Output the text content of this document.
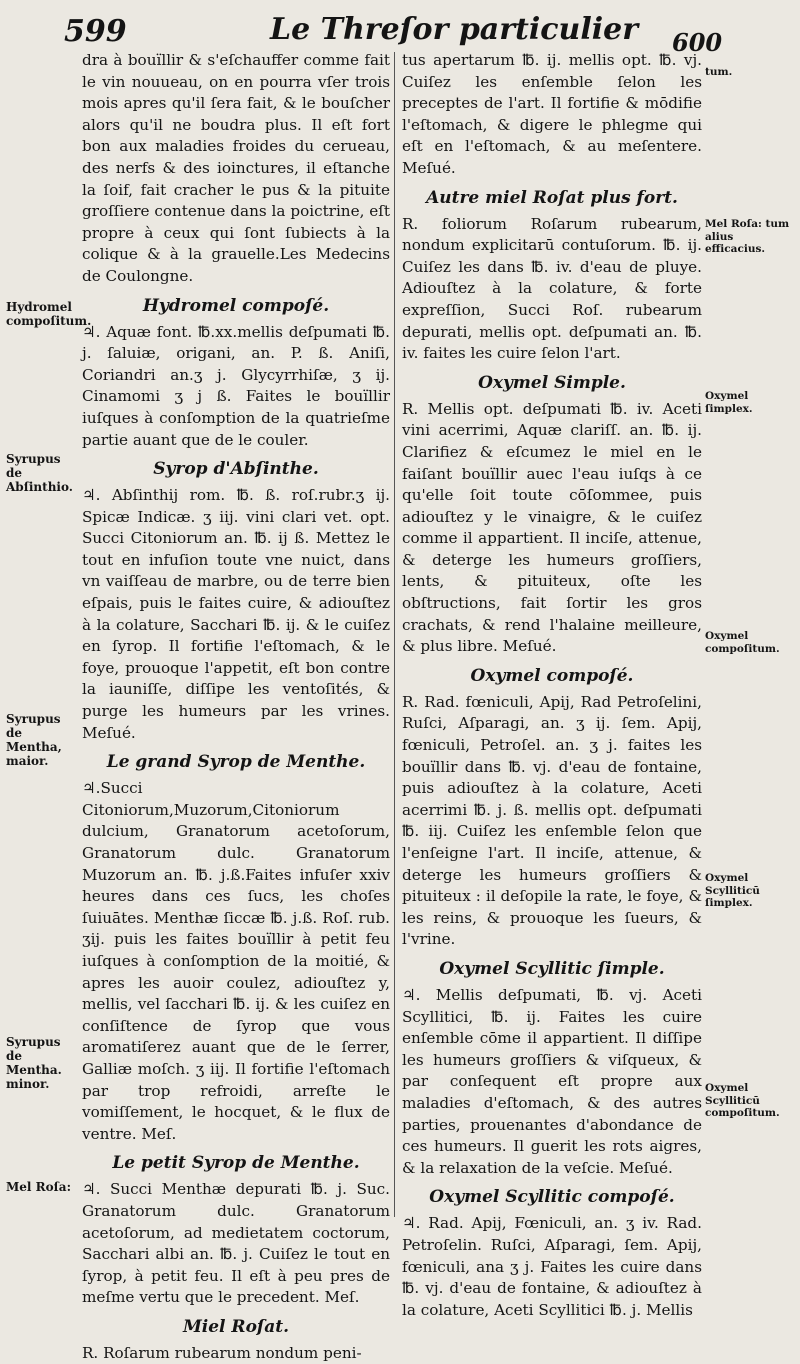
599	Le Threſor particulier 600

dra à bouïllir & s'eſchauffer comme fait le vin nouueau, on en pourra vſer trois mois apres qu'il ſera fait, & le bouſcher alors qu'il ne boudra plus. Il eſt fort bon aux maladies froides du cerueau, des nerfs & des ioinctures, il eſtanche la ſoif, fait cracher le pus & la pituite groſſiere contenue dans la poictrine, eſt propre à ceux qui ſont ſubiects à la colique & à la grauelle.Les Medecins de Coulongne.

Hydromel compoſé.

♃. Aquæ font. ℔.xx.mellis deſpumati ℔. j. ſaluiæ, origani, an. P. ß. Aniſi, Coriandri an.ʒ j. Glycyrrhiſæ, ʒ ij. Cinamomi ʒ j ß. Faites le bouïllir iuſques à conſomption de la quatrieſme partie auant que de le couler.

Syrop d'Abſinthe.

♃. Abſinthij rom. ℔. ß. roſ.rubr.ʒ ij. Spicæ Indicæ. ʒ iij. vini clari vet. opt. Succi Citoniorum an. ℔. ij ß. Mettez le tout en infuſion toute vne nuict, dans vn vaiſſeau de marbre, ou de terre bien eſpais, puis le faites cuire, & adiouſtez à la colature, Sacchari ℔. ij. & le cuiſez en ſyrop. Il fortifie l'eſtomach, & le foye, prouoque l'appetit, eſt bon contre la iauniſſe, diſſipe les ventoſités, & purge les humeurs par les vrines. Meſué.

Le grand Syrop de Menthe.

♃.Succi Citoniorum,Muzorum,Citoniorum dulcium, Granatorum acetoſorum, Granatorum dulc. Granatorum Muzorum an. ℔. j.ß.Faites infuſer xxiv heures dans ces ſucs, les choſes ſuiuātes. Menthæ ſiccæ ℔. j.ß. Roſ. rub. ʒij. puis les faites bouïllir à petit feu iuſques à conſomption de la moitié, & apres les auoir coulez, adiouſtez y, mellis, vel ſacchari ℔. ij. & les cuiſez en conſiſtence de ſyrop que vous aromatiſerez auant que de le ſerrer, Galliæ moſch. ʒ iij. Il fortifie l'eſtomach par trop refroidi, arreſte le vomiſſement, le hocquet, & le flux de ventre. Meſ.

Le petit Syrop de Menthe.

♃. Succi Menthæ depurati ℔. j. Suc. Granatorum dulc. Granatorum acetoſorum, ad medietatem coctorum, Sacchari albi an. ℔. j. Cuiſez le tout en ſyrop, à petit feu. Il eſt à peu pres de meſme vertu que le precedent. Meſ.

Miel Roſat.

R. Roſarum rubearum nondum peni-

tus apertarum ℔. ij. mellis opt. ℔. vj. Cuiſez les enſemble ſelon les preceptes de l'art. Il fortifie & mōdifie l'eſtomach, & digere le phlegme qui eſt en l'eſtomach, & au meſentere. Meſué.

Autre miel Roſat plus fort.

R. foliorum Roſarum rubearum, nondum explicitarū contuſorum. ℔. ij. Cuiſez les dans ℔. iv. d'eau de pluye. Adiouſtez à la colature, & forte expreſſion, Succi Roſ. rubearum depurati, mellis opt. deſpumati an. ℔. iv. faites les cuire ſelon l'art.

Oxymel Simple.

R. Mellis opt. deſpumati ℔. iv. Aceti vini acerrimi, Aquæ clariſſ. an. ℔. ij. Clarifiez & eſcumez le miel en le faiſant bouïllir auec l'eau iuſqs à ce qu'elle ſoit toute cōſommee, puis adiouſtez y le vinaigre, & le cuiſez comme il appartient. Il inciſe, attenue, & deterge les humeurs groſſiers, lents, & pituiteux, oſte les obſtructions, fait ſortir les gros crachats, & rend l'halaine meilleure, & plus libre. Meſué.

Oxymel compoſé.

R. Rad. fœniculi, Apij, Rad Petroſelini, Ruſci, Aſparagi, an. ʒ ij. ſem. Apij, fœniculi, Petroſel. an. ʒ j. faites les bouïllir dans ℔. vj. d'eau de fontaine, puis adiouſtez à la colature, Aceti acerrimi ℔. j. ß. mellis opt. deſpumati ℔. iij. Cuiſez les enſemble ſelon que l'enſeigne l'art. Il inciſe, attenue, & deterge les humeurs groſſiers & pituiteux : il deſopile la rate, le foye, & les reins, & prouoque les ſueurs, & l'vrine.

Oxymel Scyllitic ſimple.

♃. Mellis deſpumati, ℔. vj. Aceti Scyllitici, ℔. ij. Faites les cuire enſemble cōme il appartient. Il diſſipe les humeurs groſſiers & viſqueux, & par conſequent eſt propre aux maladies d'eſtomach, & des autres parties, prouenantes d'abondance de ces humeurs. Il guerit les rots aigres, & la relaxation de la veſcie. Meſué.

Oxymel Scyllitic compoſé.

♃. Rad. Apij, Fœniculi, an. ʒ iv. Rad. Petroſelin. Ruſci, Aſparagi, ſem. Apij, fœniculi, ana ʒ j. Faites les cuire dans ℔. vj. d'eau de fontaine, & adiouſtez à la colature, Aceti Scyllitici ℔. j. Mellis

Hydromel compoſitum.
Syrupus de Abſinthio.
Syrupus de Mentha, maior.
Syrupus de Mentha. minor.
Mel Roſa:
tum.
Mel Roſa: tum alius efficacius.
Oxymel ſimplex.
Oxymel compoſitum.
Oxymel Scylliticū ſimplex.
Oxymel Scylliticū compoſitum.
